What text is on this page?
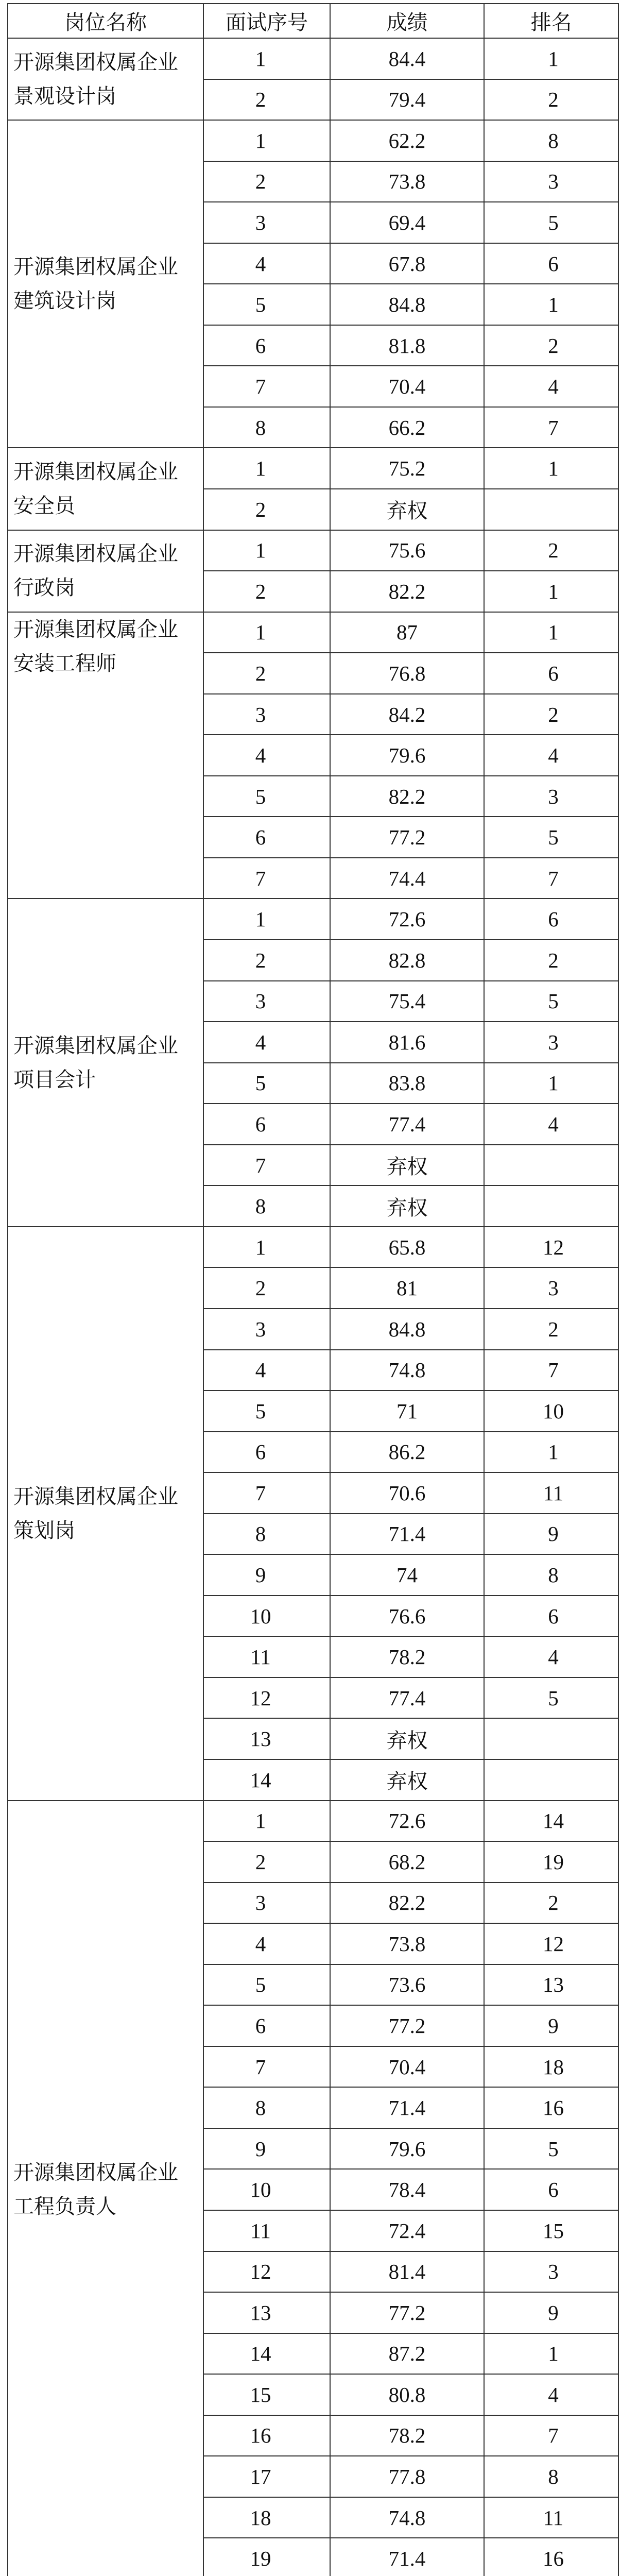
岗位名称	面试序号	成绩	排名
开源集团权属企业
景观设计岗	1	84.4	1
	2	79.4	2
开源集团权属企业
建筑设计岗	1	62.2	8
	2	73.8	3
	3	69.4	5
	4	67.8	6
	5	84.8	1
	6	81.8	2
	7	70.4	4
	8	66.2	7
开源集团权属企业
安全员	1	75.2	1
	2	弃权	
开源集团权属企业
行政岗	1	75.6	2
	2	82.2	1
开源集团权属企业
安装工程师	1	87	1
	2	76.8	6
	3	84.2	2
	4	79.6	4
	5	82.2	3
	6	77.2	5
	7	74.4	7
开源集团权属企业
项目会计	1	72.6	6
	2	82.8	2
	3	75.4	5
	4	81.6	3
	5	83.8	1
	6	77.4	4
	7	弃权	
	8	弃权	
开源集团权属企业
策划岗	1	65.8	12
	2	81	3
	3	84.8	2
	4	74.8	7
	5	71	10
	6	86.2	1
	7	70.6	11
	8	71.4	9
	9	74	8
	10	76.6	6
	11	78.2	4
	12	77.4	5
	13	弃权	
	14	弃权	
开源集团权属企业
工程负责人	1	72.6	14
	2	68.2	19
	3	82.2	2
	4	73.8	12
	5	73.6	13
	6	77.2	9
	7	70.4	18
	8	71.4	16
	9	79.6	5
	10	78.4	6
	11	72.4	15
	12	81.4	3
	13	77.2	9
	14	87.2	1
	15	80.8	4
	16	78.2	7
	17	77.8	8
	18	74.8	11
	19	71.4	16
